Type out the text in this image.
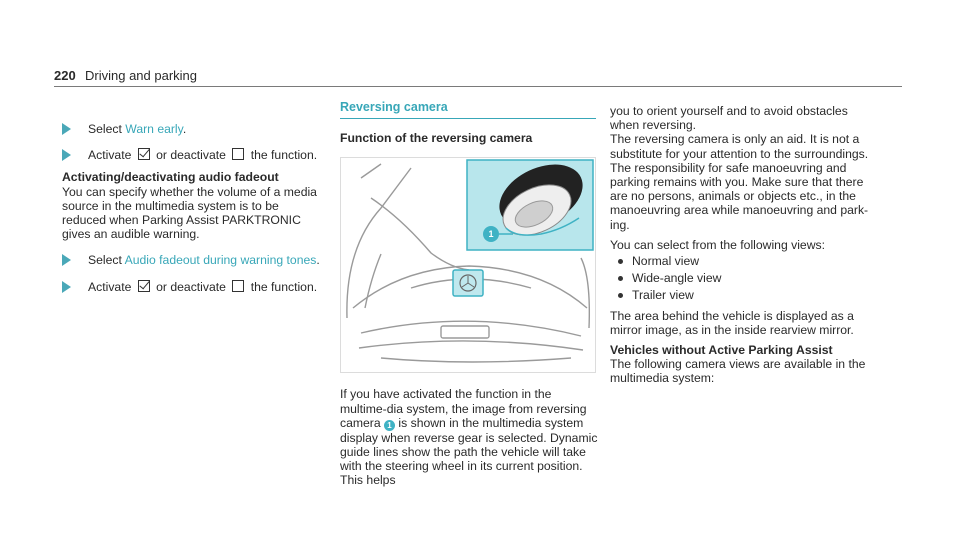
220 Driving and parking
Select Warn early.
Activate or deactivate the function.

Activating/deactivating audio fadeout

You can specify whether the volume of a media source in the multimedia system is to be reduced when Parking Assist PARKTRONIC gives an audible warning.

Select Audio fadeout during warning tones.
Activate or deactivate the function.
Reversing camera

Function of the reversing camera

1

If you have activated the function in the multime-dia system, the image from reversing camera 1 is shown in the multimedia system display when reverse gear is selected. Dynamic guide lines show the path the vehicle will take with the steering wheel in its current position. This helps

you to orient yourself and to avoid obstacles when reversing.

The reversing camera is only an aid. It is not a substitute for your attention to the surroundings. The responsibility for safe manoeuvring and parking remains with you. Make sure that there are no persons, animals or objects etc., in the manoeuvring area while manoeuvring and park-ing.

You can select from the following views:

Normal view
Wide-angle view
Trailer view

The area behind the vehicle is displayed as a mirror image, as in the inside rearview mirror.

Vehicles without Active Parking Assist

The following camera views are available in the multimedia system:
